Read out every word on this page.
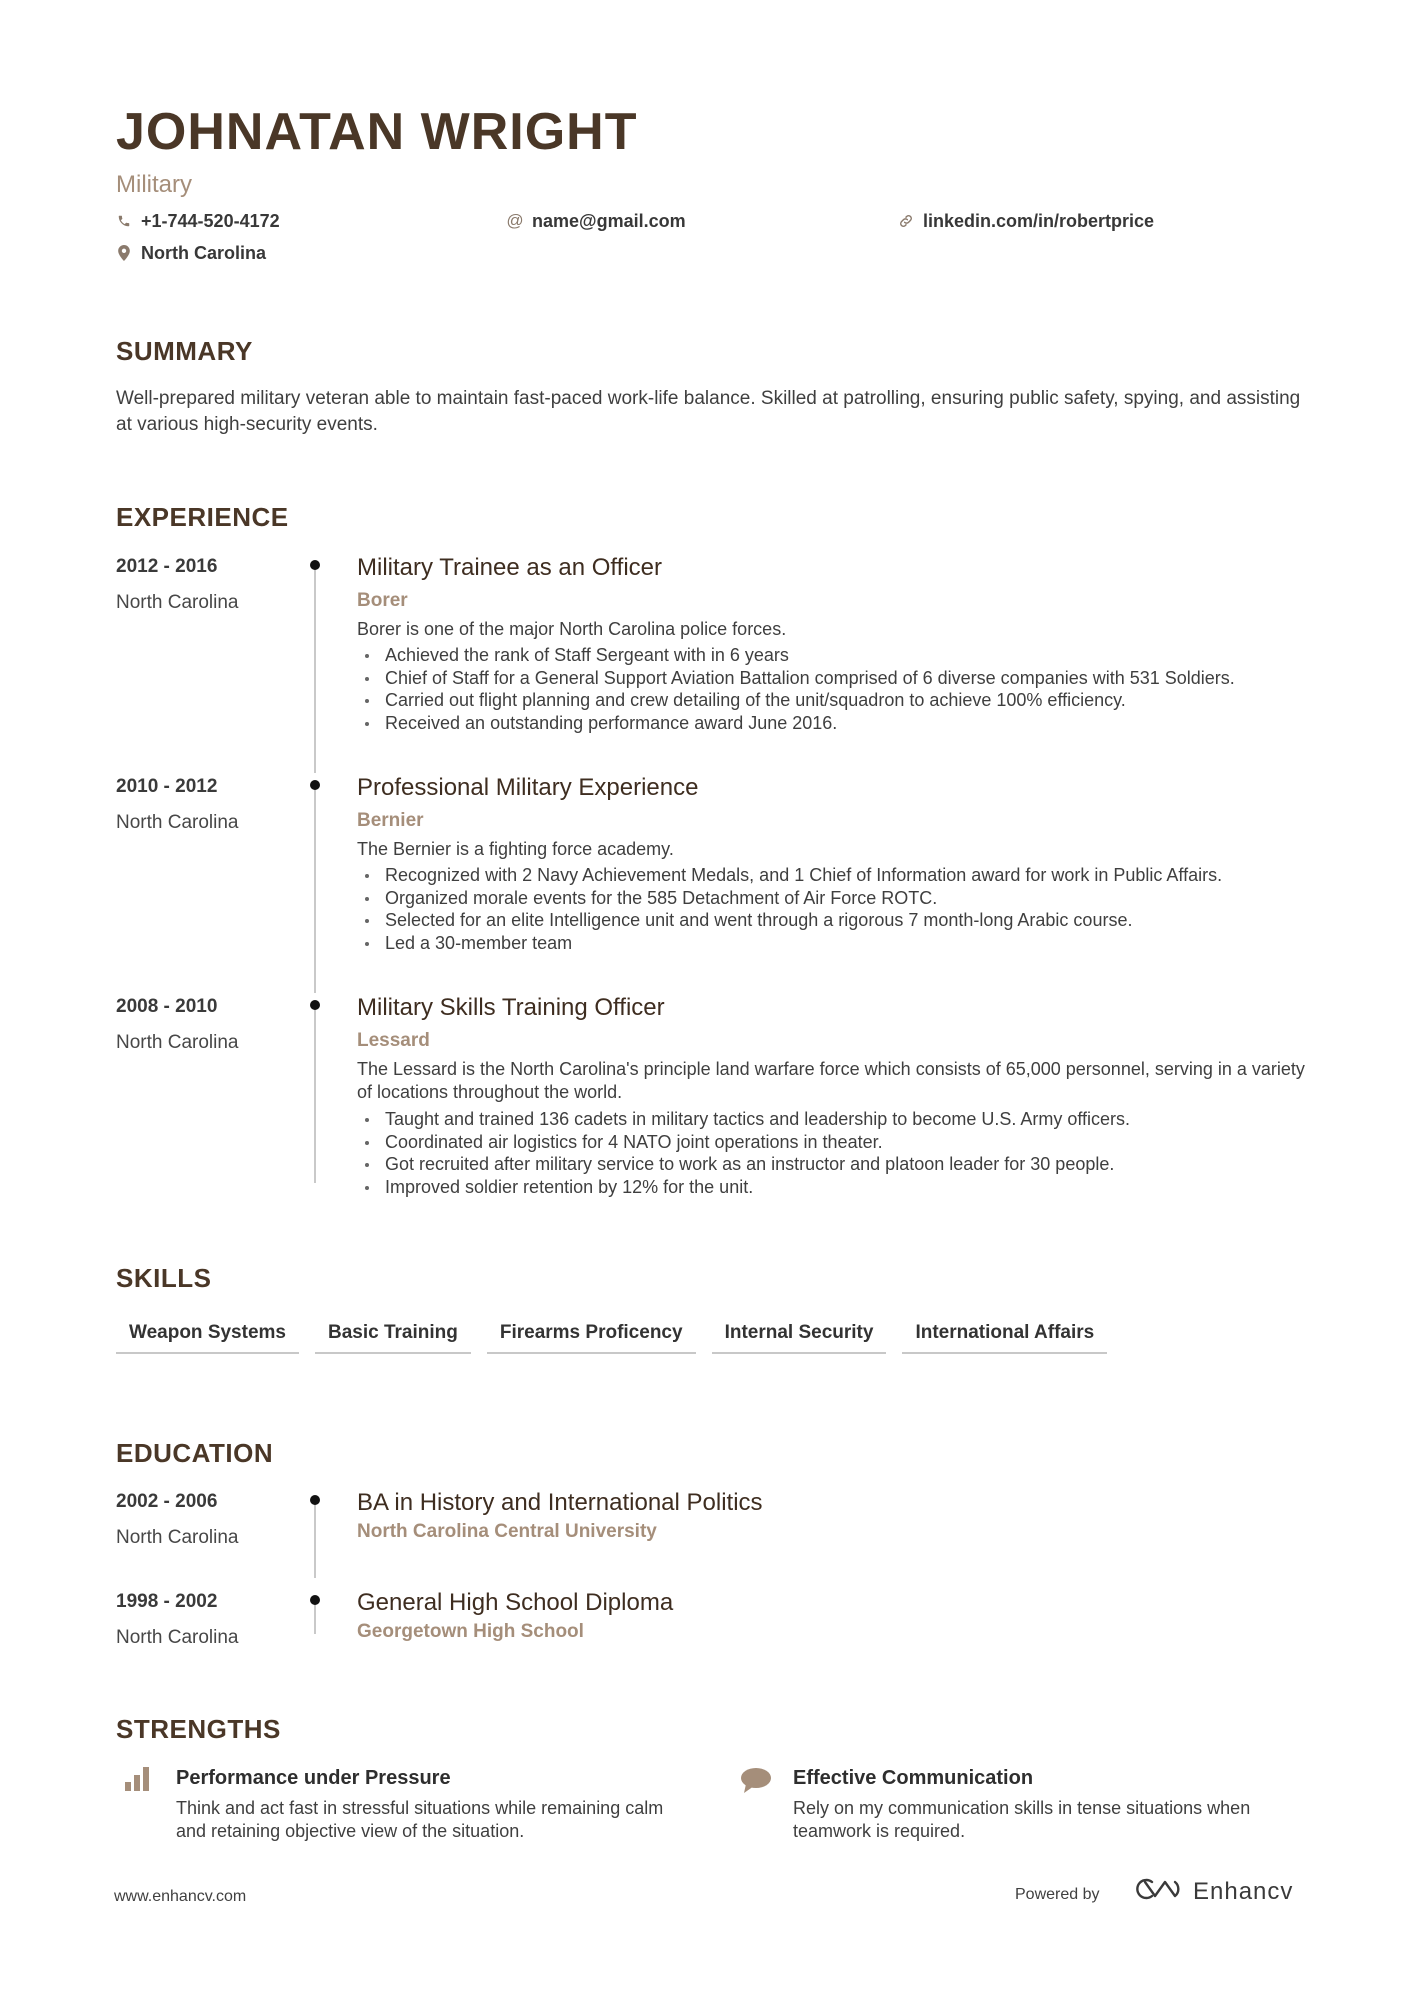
JOHNATAN WRIGHT
Military
+1-744-520-4172	@ name@gmail.com	linkedin.com/in/robertprice
North Carolina
SUMMARY
Well-prepared military veteran able to maintain fast-paced work-life balance. Skilled at patrolling, ensuring public safety, spying, and assisting at various high-security events.
EXPERIENCE
2012 - 2016
North Carolina
Military Trainee as an Officer
Borer
Borer is one of the major North Carolina police forces.
Achieved the rank of Staff Sergeant with in 6 years
Chief of Staff for a General Support Aviation Battalion comprised of 6 diverse companies with 531 Soldiers.
Carried out flight planning and crew detailing of the unit/squadron to achieve 100% efficiency.
Received an outstanding performance award June 2016.
2010 - 2012
North Carolina
Professional Military Experience
Bernier
The Bernier is a fighting force academy.
Recognized with 2 Navy Achievement Medals, and 1 Chief of Information award for work in Public Affairs.
Organized morale events for the 585 Detachment of Air Force ROTC.
Selected for an elite Intelligence unit and went through a rigorous 7 month-long Arabic course.
Led a 30-member team
2008 - 2010
North Carolina
Military Skills Training Officer
Lessard
The Lessard is the North Carolina's principle land warfare force which consists of 65,000 personnel, serving in a variety of locations throughout the world.
Taught and trained 136 cadets in military tactics and leadership to become U.S. Army officers.
Coordinated air logistics for 4 NATO joint operations in theater.
Got recruited after military service to work as an instructor and platoon leader for 30 people.
Improved soldier retention by 12% for the unit.
SKILLS
Weapon Systems	Basic Training	Firearms Proficency	Internal Security	International Affairs
EDUCATION
2002 - 2006
North Carolina
BA in History and International Politics
North Carolina Central University
1998 - 2002
North Carolina
General High School Diploma
Georgetown High School
STRENGTHS
Performance under Pressure
Think and act fast in stressful situations while remaining calm and retaining objective view of the situation.
Effective Communication
Rely on my communication skills in tense situations when teamwork is required.
www.enhancv.com	Powered by	Enhancv
